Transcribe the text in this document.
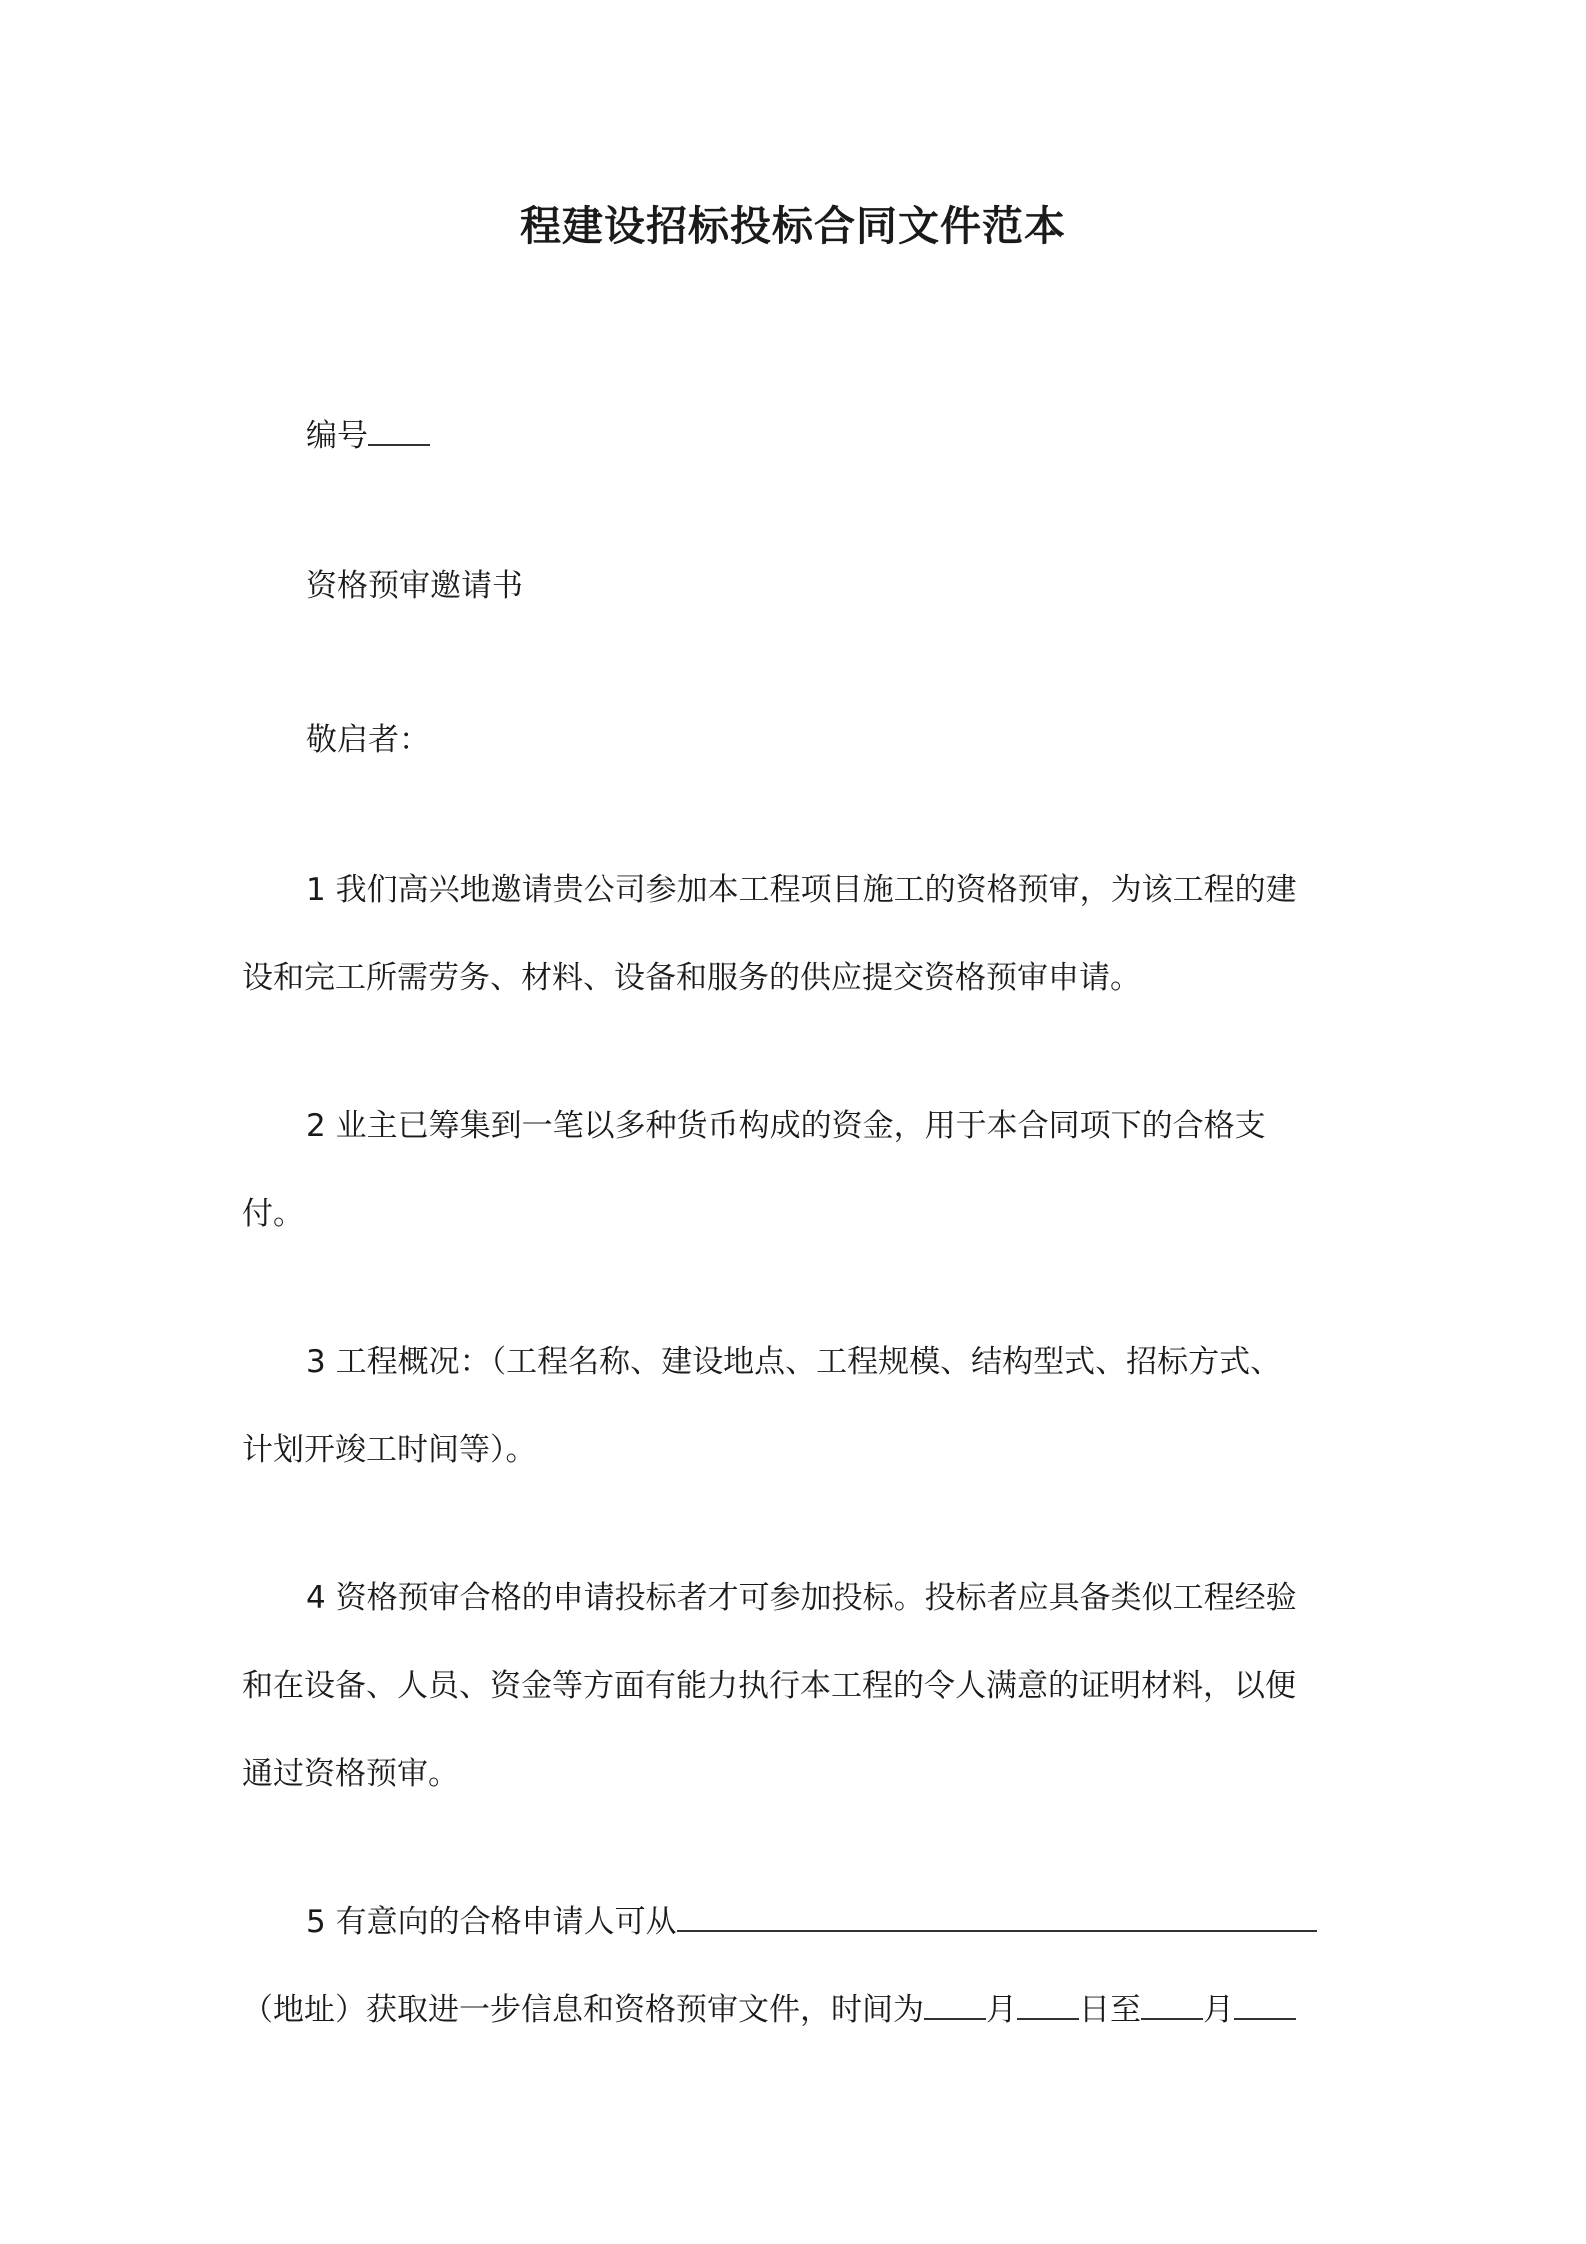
程建设招标投标合同文件范本
编号
资格预审邀请书
敬启者：
1 我们高兴地邀请贵公司参加本工程项目施工的资格预审，为该工程的建
设和完工所需劳务、材料、设备和服务的供应提交资格预审申请。
2 业主已筹集到一笔以多种货币构成的资金，用于本合同项下的合格支
付。
3 工程概况：（工程名称、建设地点、工程规模、结构型式、招标方式、
计划开竣工时间等）。
4 资格预审合格的申请投标者才可参加投标。投标者应具备类似工程经验
和在设备、人员、资金等方面有能力执行本工程的令人满意的证明材料，以便
通过资格预审。
5 有意向的合格申请人可从
（地址）获取进一步信息和资格预审文件，时间为 月 日至 月
